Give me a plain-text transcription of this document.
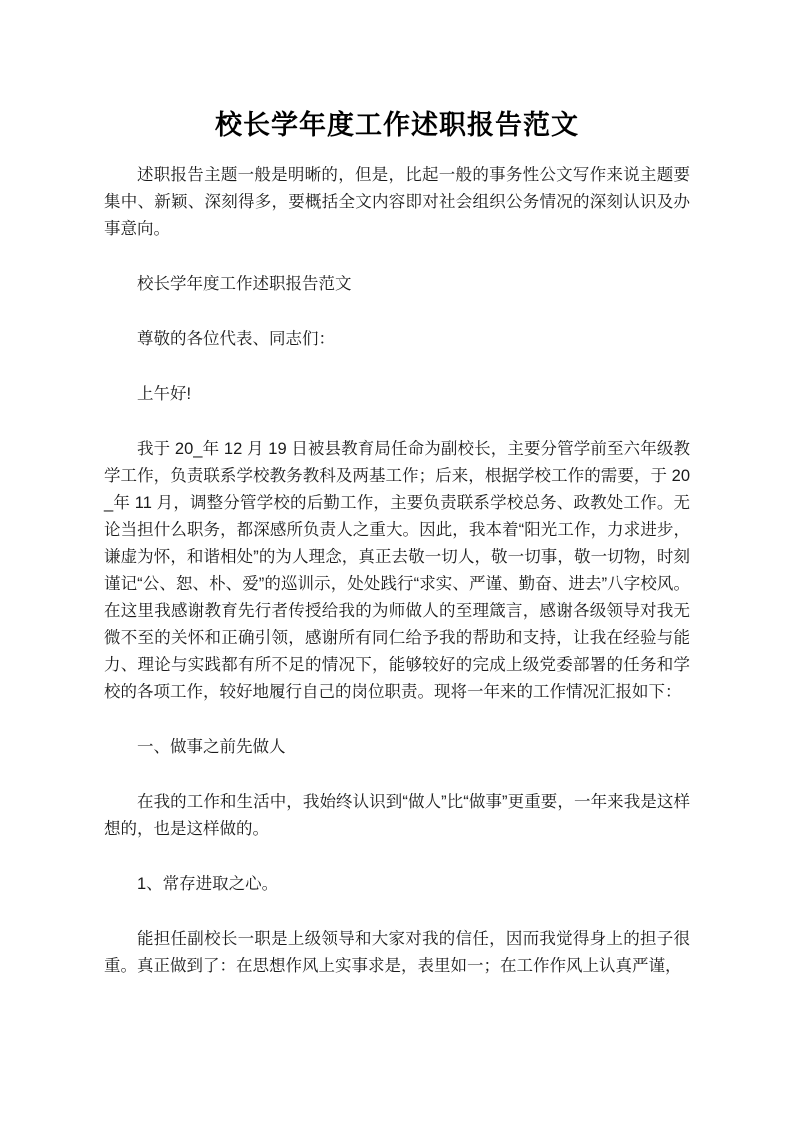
校长学年度工作述职报告范文

述职报告主题一般是明晰的，但是，比起一般的事务性公文写作来说主题要集中、新颖、深刻得多，要概括全文内容即对社会组织公务情况的深刻认识及办事意向。

校长学年度工作述职报告范文

尊敬的各位代表、同志们：

上午好!

我于 20_年 12 月 19 日被县教育局任命为副校长，主要分管学前至六年级教学工作，负责联系学校教务教科及两基工作；后来，根据学校工作的需要，于 20_年 11 月，调整分管学校的后勤工作，主要负责联系学校总务、政教处工作。无论当担什么职务，都深感所负责人之重大。因此，我本着“阳光工作，力求进步，谦虚为怀，和谐相处”的为人理念，真正去敬一切人，敬一切事，敬一切物，时刻谨记“公、恕、朴、爱”的巡训示，处处践行“求实、严谨、勤奋、进去”八字校风。在这里我感谢教育先行者传授给我的为师做人的至理箴言，感谢各级领导对我无微不至的关怀和正确引领，感谢所有同仁给予我的帮助和支持，让我在经验与能力、理论与实践都有所不足的情况下，能够较好的完成上级党委部署的任务和学校的各项工作，较好地履行自己的岗位职责。现将一年来的工作情况汇报如下：

一、做事之前先做人

在我的工作和生活中，我始终认识到“做人”比“做事”更重要，一年来我是这样想的，也是这样做的。

1、常存进取之心。

能担任副校长一职是上级领导和大家对我的信任，因而我觉得身上的担子很重。真正做到了：在思想作风上实事求是，表里如一；在工作作风上认真严谨，
